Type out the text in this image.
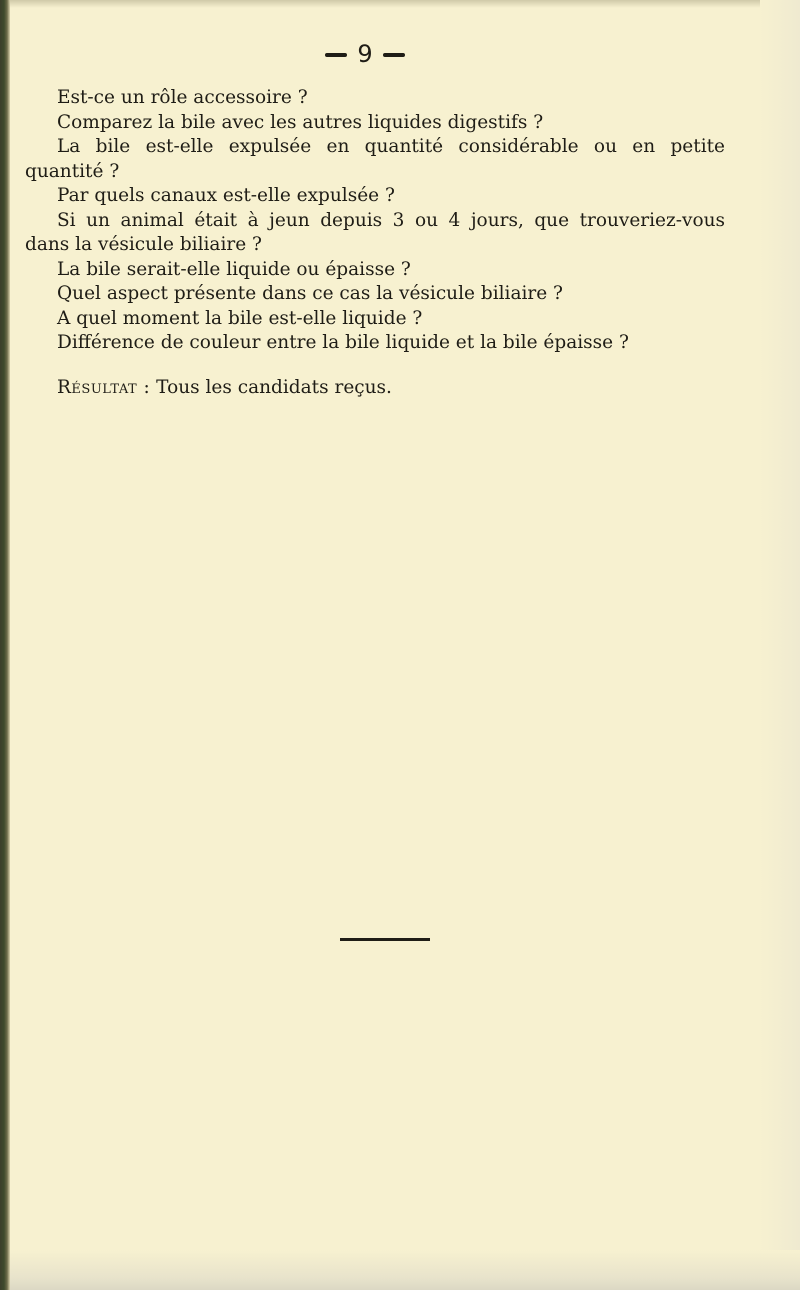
9
Est-ce un rôle accessoire ?
Comparez la bile avec les autres liquides digestifs ?
La bile est-elle expulsée en quantité considérable ou en petite
quantité ?
Par quels canaux est-elle expulsée ?
Si un animal était à jeun depuis 3 ou 4 jours, que trouveriez-vous
dans la vésicule biliaire ?
La bile serait-elle liquide ou épaisse ?
Quel aspect présente dans ce cas la vésicule biliaire ?
A quel moment la bile est-elle liquide ?
Différence de couleur entre la bile liquide et la bile épaisse ?
Résultat : Tous les candidats reçus.
